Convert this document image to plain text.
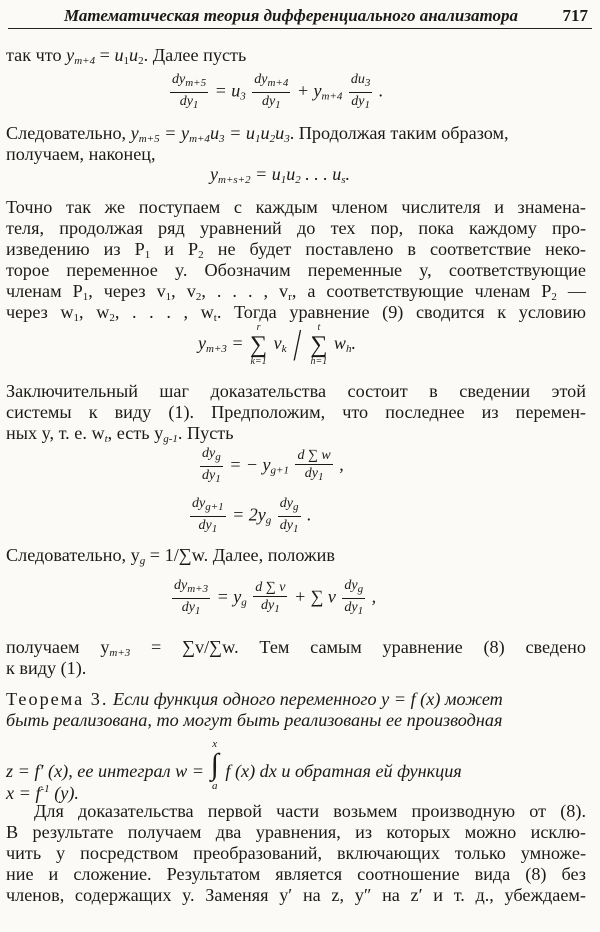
Математическая теория дифференциального анализатора	717
так что $y_{m+4} = u_1u_2$. Далее пусть
$\frac{dy_{m+5}}{dy_1} = u_3 \frac{dy_{m+4}}{dy_1} + y_{m+4} \frac{du_3}{dy_1}$ .
Следовательно, $y_{m+5} = y_{m+4}u_3 = u_1u_2u_3$. Продолжая таким образом,
получаем, наконец,
$y_{m+s+2} = u_1u_2$ . . . $u_s$.
Точно так же поступаем с каждым членом числителя и знамена-
теля, продолжая ряд уравнений до тех пор, пока каждому про-
изведению из $P_1$ и $P_2$ не будет поставлено в соответствие неко-
торое переменное y. Обозначим переменные y, соответствующие
членам $P_1$, через $v_1$, $v_2$, . . . , $v_r$, а соответствующие членам $P_2$ —
через $w_1$, $w_2$, . . . , $w_t$. Тогда уравнение (9) сводится к условию
$y_{m+3}$ =
r
∑
k=1
$v_k$ /	t
∑
h=1
$w_h$.
Заключительный шаг доказательства состоит в сведении этой
системы к виду (1). Предположим, что последнее из перемен-
ных y, т. е. $w_t$, есть $y_{g-1}$. Пусть
$\frac{dy_g}{dy_1}$ = − $y_{g+1} \frac{d \sum w}{dy_1}$ ,
$\frac{dy_{g+1}}{dy_1} = 2y_g \frac{dy_g}{dy_1}$ .
Следовательно, $y_g = 1/\sum w$. Далее, положив
$\frac{dy_{m+3}}{dy_1} = y_g \frac{d \sum v}{dy_1}$ + ∑ v $\frac{dy_g}{dy_1}$ ,
получаем $y_{m+3} = \sum v/\sum w$. Тем самым уравнение (8) сведено
к виду (1).
Теорема 3. Если функция одного переменного y = f (x) может
быть реализована, то могут быть реализованы ее производная
z = f′ (x), ее интеграл w =
x
∫
a
f (x) dx и обратная ей функция
$x = f^{-1}$ (y).
Для доказательства первой части возьмем производную от (8).
В результате получаем два уравнения, из которых можно исклю-
чить y посредством преобразований, включающих только умноже-
ние и сложение. Результатом является соотношение вида (8) без
членов, содержащих y. Заменяя y′ на z, y″ на z′ и т. д., убеждаем-
